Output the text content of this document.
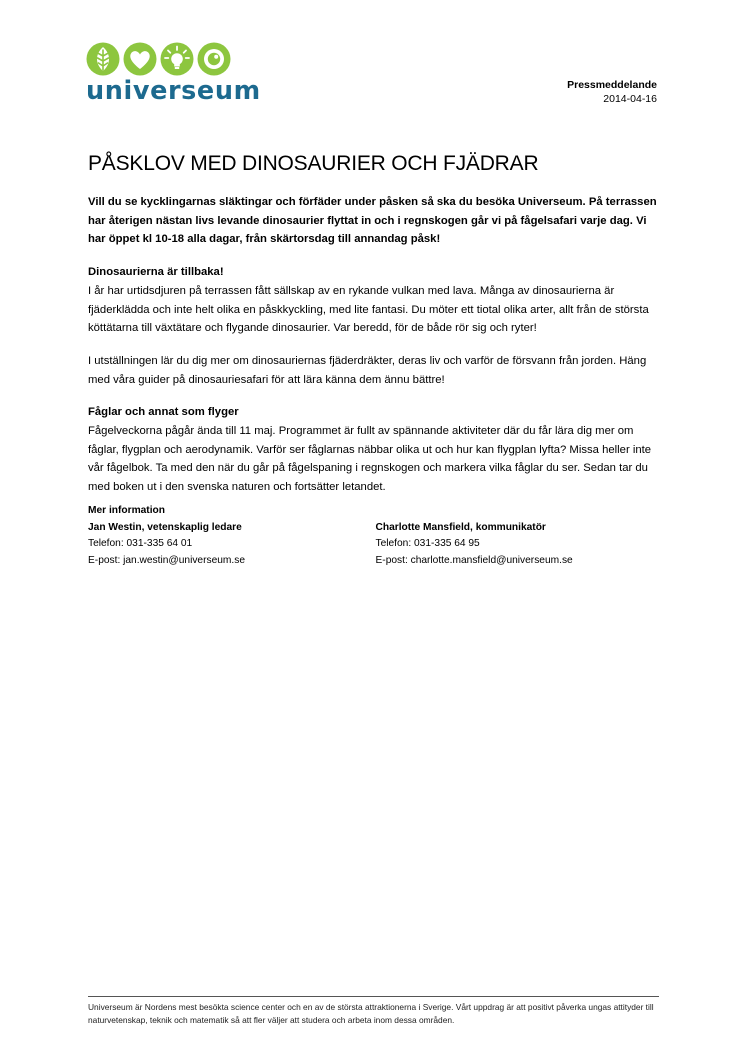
universeum	Pressmeddelande
2014-04-16
PÅSKLOV MED DINOSAURIER OCH FJÄDRAR

Vill du se kycklingarnas släktingar och förfäder under påsken så ska du besöka Universeum. På terrassen har återigen nästan livs levande dinosaurier flyttat in och i regnskogen går vi på fågelsafari varje dag. Vi har öppet kl 10-18 alla dagar, från skärtorsdag till annandag påsk!

Dinosaurierna är tillbaka!
I år har urtidsdjuren på terrassen fått sällskap av en rykande vulkan med lava. Många av dinosaurierna är fjäderklädda och inte helt olika en påskkyckling, med lite fantasi. Du möter ett tiotal olika arter, allt från de största köttätarna till växtätare och flygande dinosaurier. Var beredd, för de både rör sig och ryter!

I utställningen lär du dig mer om dinosauriernas fjäderdräkter, deras liv och varför de försvann från jorden. Häng med våra guider på dinosauriesafari för att lära känna dem ännu bättre!

Fåglar och annat som flyger
Fågelveckorna pågår ända till 11 maj. Programmet är fullt av spännande aktiviteter där du får lära dig mer om fåglar, flygplan och aerodynamik. Varför ser fåglarnas näbbar olika ut och hur kan flygplan lyfta? Missa heller inte vår fågelbok. Ta med den när du går på fågelspaning i regnskogen och markera vilka fåglar du ser. Sedan tar du med boken ut i den svenska naturen och fortsätter letandet.

Mer information
Jan Westin, vetenskaplig ledare
Telefon: 031-335 64 01
E-post: jan.westin@universeum.se
Charlotte Mansfield, kommunikatör
Telefon: 031-335 64 95
E-post: charlotte.mansfield@universeum.se
Universeum är Nordens mest besökta science center och en av de största attraktionerna i Sverige. Vårt uppdrag är att positivt påverka ungas attityder till naturvetenskap, teknik och matematik så att fler väljer att studera och arbeta inom dessa områden.
